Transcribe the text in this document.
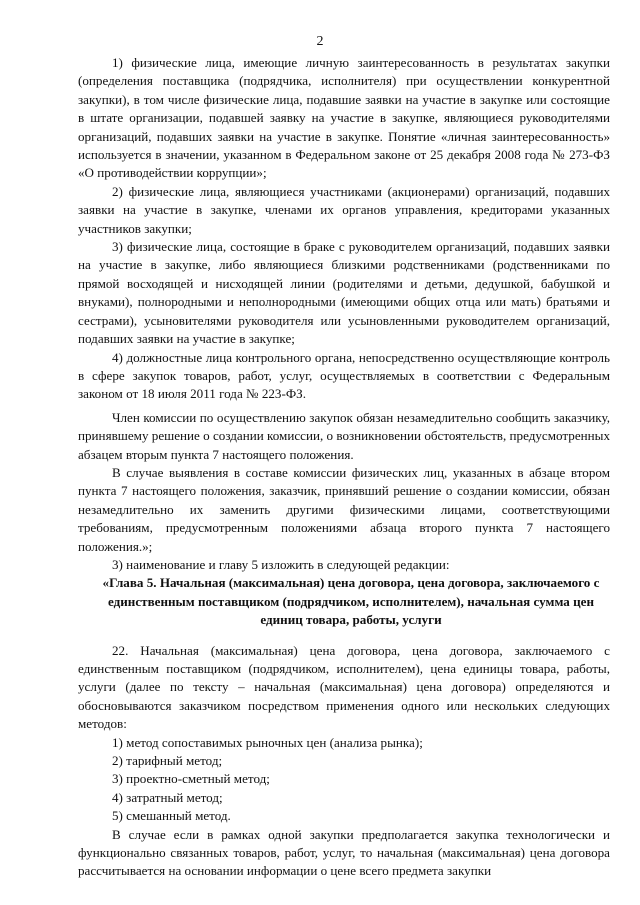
2

1) физические лица, имеющие личную заинтересованность в результатах закупки (определения поставщика (подрядчика, исполнителя) при осуществлении конкурентной закупки), в том числе физические лица, подавшие заявки на участие в закупке или состоящие в штате организации, подавшей заявку на участие в закупке, являющиеся руководителями организаций, подавших заявки на участие в закупке. Понятие «личная заинтересованность» используется в значении, указанном в Федеральном законе от 25 декабря 2008 года № 273-ФЗ «О противодействии коррупции»;

2) физические лица, являющиеся участниками (акционерами) организаций, подавших заявки на участие в закупке, членами их органов управления, кредиторами указанных участников закупки;

3) физические лица, состоящие в браке с руководителем организаций, подавших заявки на участие в закупке, либо являющиеся близкими родственниками (родственниками по прямой восходящей и нисходящей линии (родителями и детьми, дедушкой, бабушкой и внуками), полнородными и неполнородными (имеющими общих отца или мать) братьями и сестрами), усыновителями руководителя или усыновленными руководителем организаций, подавших заявки на участие в закупке;

4) должностные лица контрольного органа, непосредственно осуществляющие контроль в сфере закупок товаров, работ, услуг, осуществляемых в соответствии с Федеральным законом от 18 июля 2011 года № 223-ФЗ.

Член комиссии по осуществлению закупок обязан незамедлительно сообщить заказчику, принявшему решение о создании комиссии, о возникновении обстоятельств, предусмотренных абзацем вторым пункта 7 настоящего положения.

В случае выявления в составе комиссии физических лиц, указанных в абзаце втором пункта 7 настоящего положения, заказчик, принявший решение о создании комиссии, обязан незамедлительно их заменить другими физическими лицами, соответствующими требованиям, предусмотренным положениями абзаца второго пункта 7 настоящего положения.»;

3) наименование и главу 5 изложить в следующей редакции:

«Глава 5. Начальная (максимальная) цена договора, цена договора, заключаемого с единственным поставщиком (подрядчиком, исполнителем), начальная сумма цен единиц товара, работы, услуги

22. Начальная (максимальная) цена договора, цена договора, заключаемого с единственным поставщиком (подрядчиком, исполнителем), цена единицы товара, работы, услуги (далее по тексту – начальная (максимальная) цена договора) определяются и обосновываются заказчиком посредством применения одного или нескольких следующих методов:

1) метод сопоставимых рыночных цен (анализа рынка);
2) тарифный метод;
3) проектно-сметный метод;
4) затратный метод;
5) смешанный метод.

В случае если в рамках одной закупки предполагается закупка технологически и функционально связанных товаров, работ, услуг, то начальная (максимальная) цена договора рассчитывается на основании информации о цене всего предмета закупки
